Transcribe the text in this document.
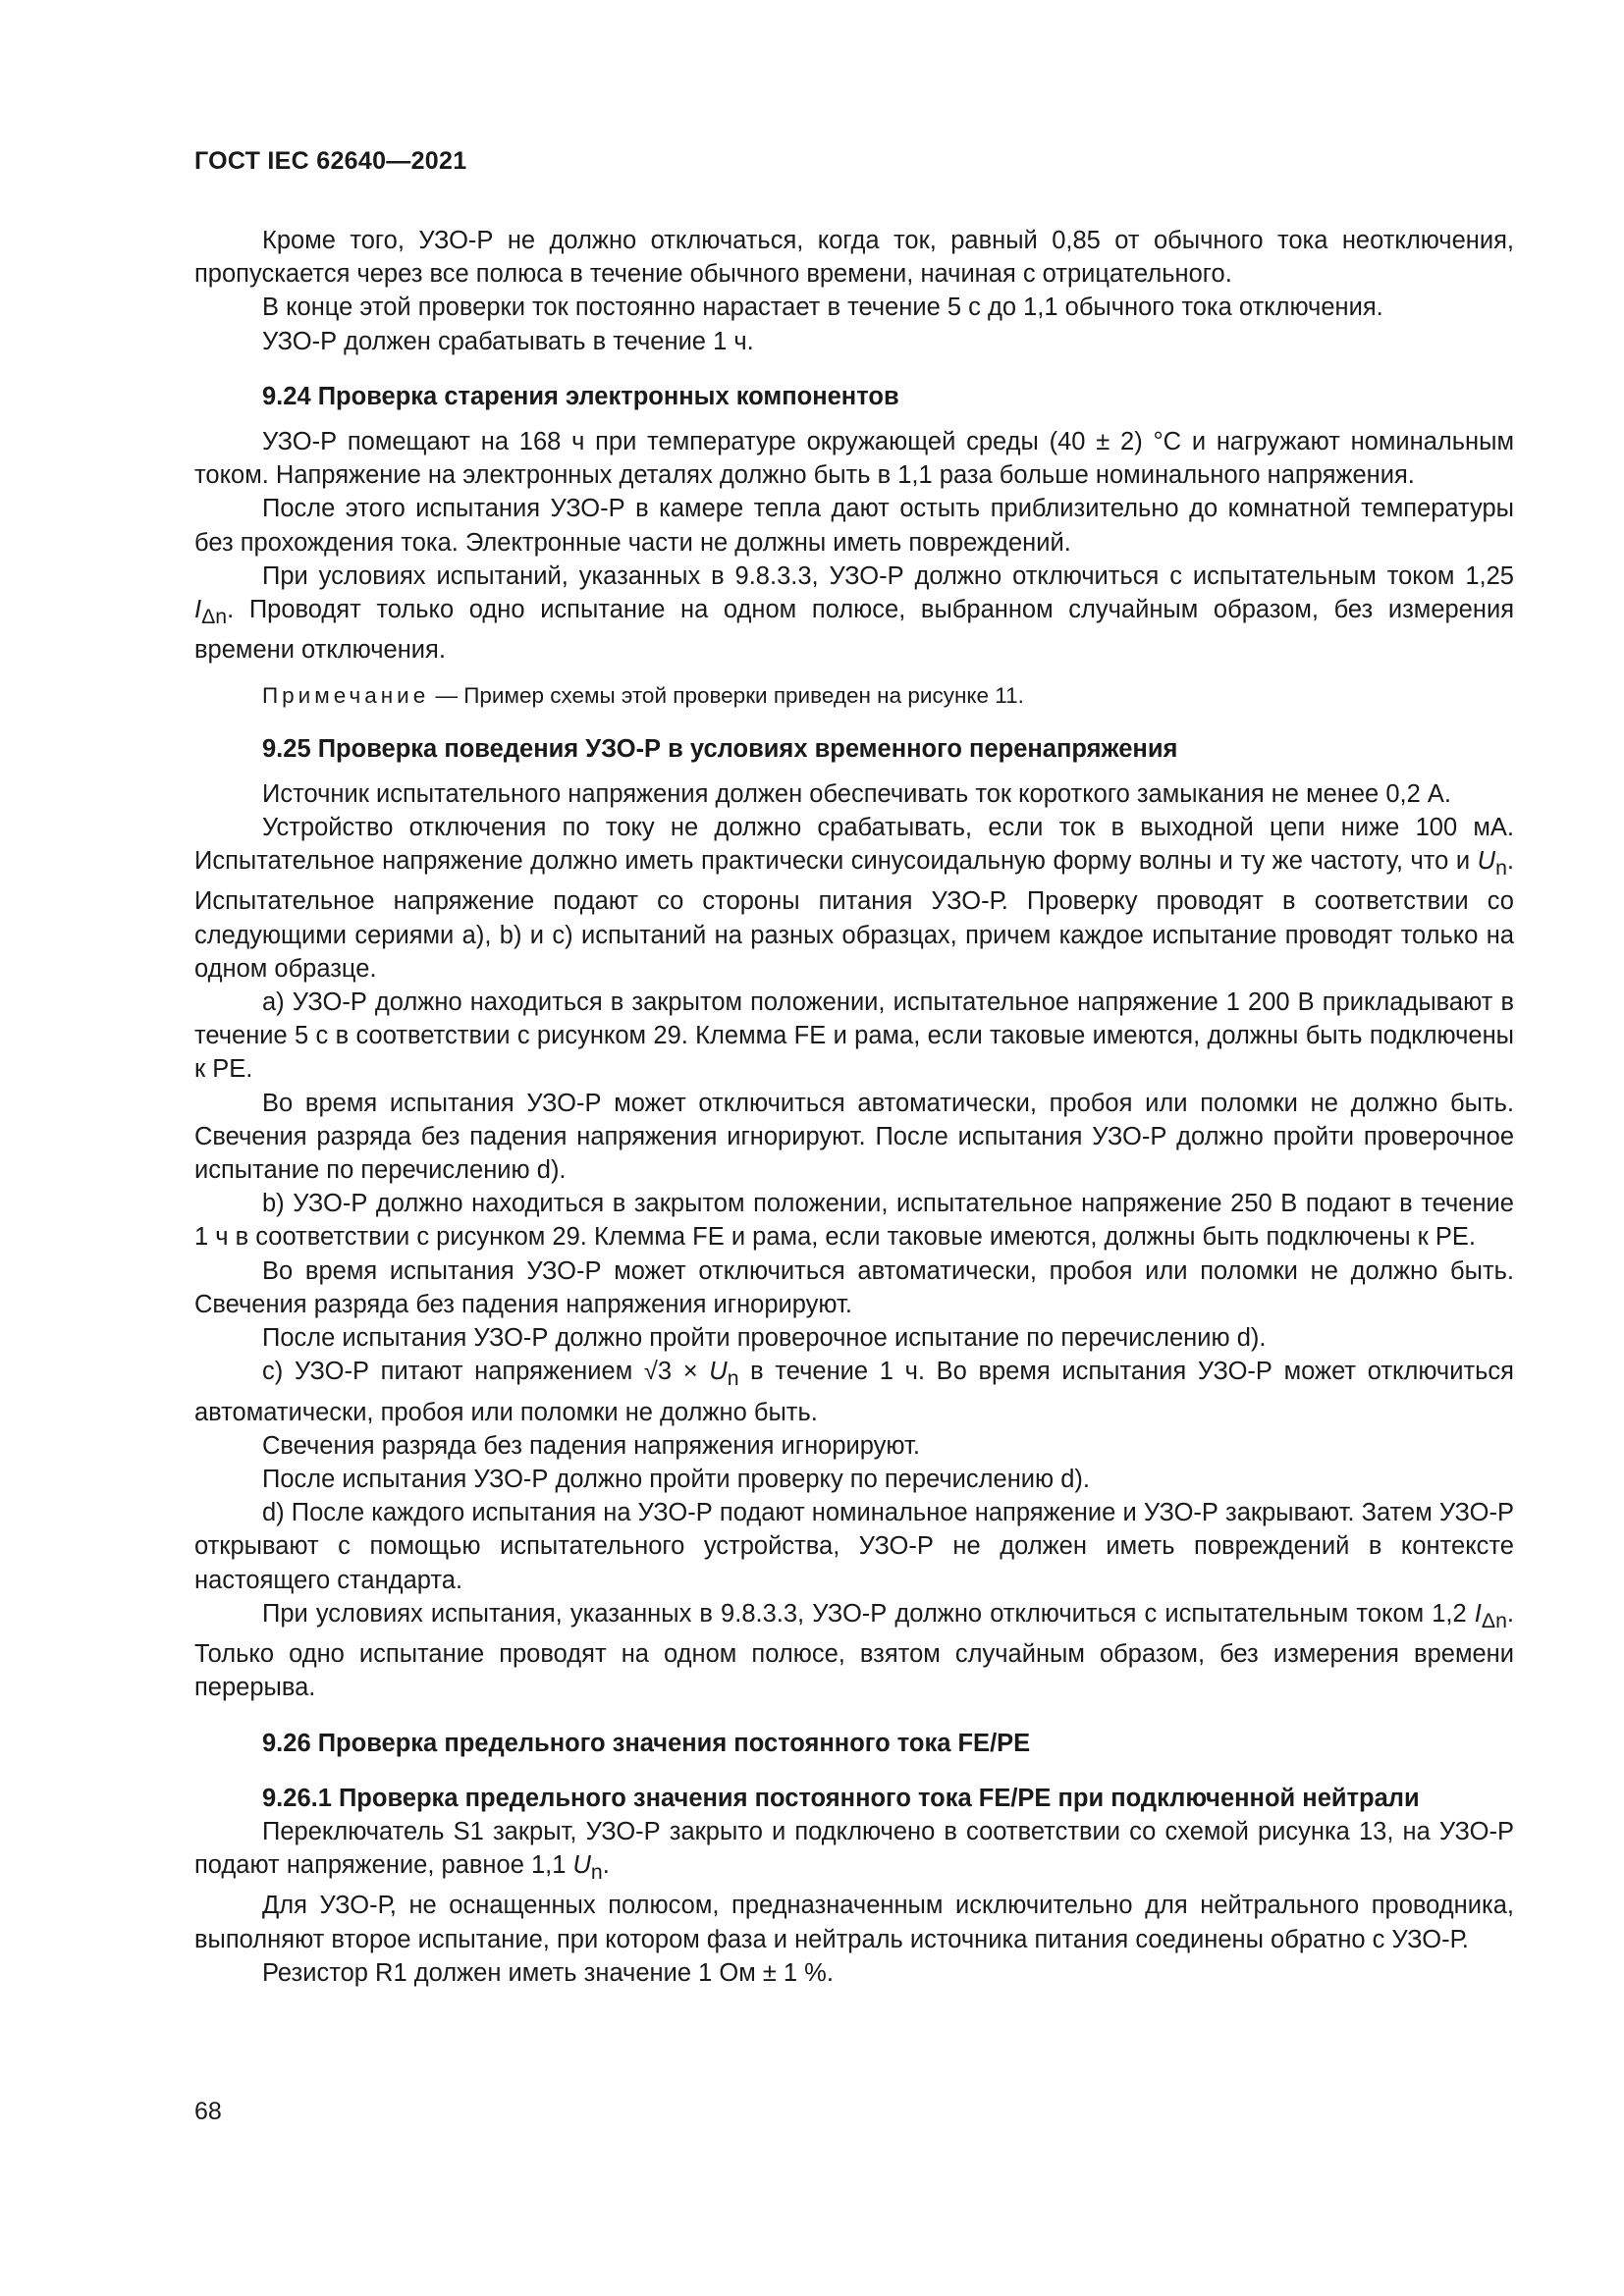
ГОСТ IEC 62640—2021

Кроме того, УЗО-Р не должно отключаться, когда ток, равный 0,85 от обычного тока неотключения, пропускается через все полюса в течение обычного времени, начиная с отрицательного.

В конце этой проверки ток постоянно нарастает в течение 5 с до 1,1 обычного тока отключения.

УЗО-Р должен срабатывать в течение 1 ч.

9.24 Проверка старения электронных компонентов

УЗО-Р помещают на 168 ч при температуре окружающей среды (40 ± 2) °С и нагружают номинальным током. Напряжение на электронных деталях должно быть в 1,1 раза больше номинального напряжения.

После этого испытания УЗО-Р в камере тепла дают остыть приблизительно до комнатной температуры без прохождения тока. Электронные части не должны иметь повреждений.

При условиях испытаний, указанных в 9.8.3.3, УЗО-Р должно отключиться с испытательным током 1,25 $I_{\Delta n}$. Проводят только одно испытание на одном полюсе, выбранном случайным образом, без измерения времени отключения.

Примечание — Пример схемы этой проверки приведен на рисунке 11.
9.25 Проверка поведения УЗО-Р в условиях временного перенапряжения

Источник испытательного напряжения должен обеспечивать ток короткого замыкания не менее 0,2 А.

Устройство отключения по току не должно срабатывать, если ток в выходной цепи ниже 100 мА. Испытательное напряжение должно иметь практически синусоидальную форму волны и ту же частоту, что и $U_n$. Испытательное напряжение подают со стороны питания УЗО-Р. Проверку проводят в соответствии со следующими сериями а), b) и с) испытаний на разных образцах, причем каждое испытание проводят только на одном образце.

а) УЗО-Р должно находиться в закрытом положении, испытательное напряжение 1 200 В прикладывают в течение 5 с в соответствии с рисунком 29. Клемма FE и рама, если таковые имеются, должны быть подключены к PE.

Во время испытания УЗО-Р может отключиться автоматически, пробоя или поломки не должно быть. Свечения разряда без падения напряжения игнорируют. После испытания УЗО-Р должно пройти проверочное испытание по перечислению d).

b) УЗО-Р должно находиться в закрытом положении, испытательное напряжение 250 В подают в течение 1 ч в соответствии с рисунком 29. Клемма FE и рама, если таковые имеются, должны быть подключены к PE.

Во время испытания УЗО-Р может отключиться автоматически, пробоя или поломки не должно быть. Свечения разряда без падения напряжения игнорируют.

После испытания УЗО-Р должно пройти проверочное испытание по перечислению d).

с) УЗО-Р питают напряжением $√3 \times U_n$ в течение 1 ч. Во время испытания УЗО-Р может отключиться автоматически, пробоя или поломки не должно быть.

Свечения разряда без падения напряжения игнорируют.

После испытания УЗО-Р должно пройти проверку по перечислению d).

d) После каждого испытания на УЗО-Р подают номинальное напряжение и УЗО-Р закрывают. Затем УЗО-Р открывают с помощью испытательного устройства, УЗО-Р не должен иметь повреждений в контексте настоящего стандарта.

При условиях испытания, указанных в 9.8.3.3, УЗО-Р должно отключиться с испытательным током 1,2 $I_{\Delta n}$. Только одно испытание проводят на одном полюсе, взятом случайным образом, без измерения времени перерыва.

9.26 Проверка предельного значения постоянного тока FE/PE
9.26.1 Проверка предельного значения постоянного тока FE/PE при подключенной нейтрали

Переключатель S1 закрыт, УЗО-Р закрыто и подключено в соответствии со схемой рисунка 13, на УЗО-Р подают напряжение, равное 1,1 $U_n$.

Для УЗО-Р, не оснащенных полюсом, предназначенным исключительно для нейтрального проводника, выполняют второе испытание, при котором фаза и нейтраль источника питания соединены обратно с УЗО-Р.

Резистор R1 должен иметь значение 1 Ом ± 1 %.

68
